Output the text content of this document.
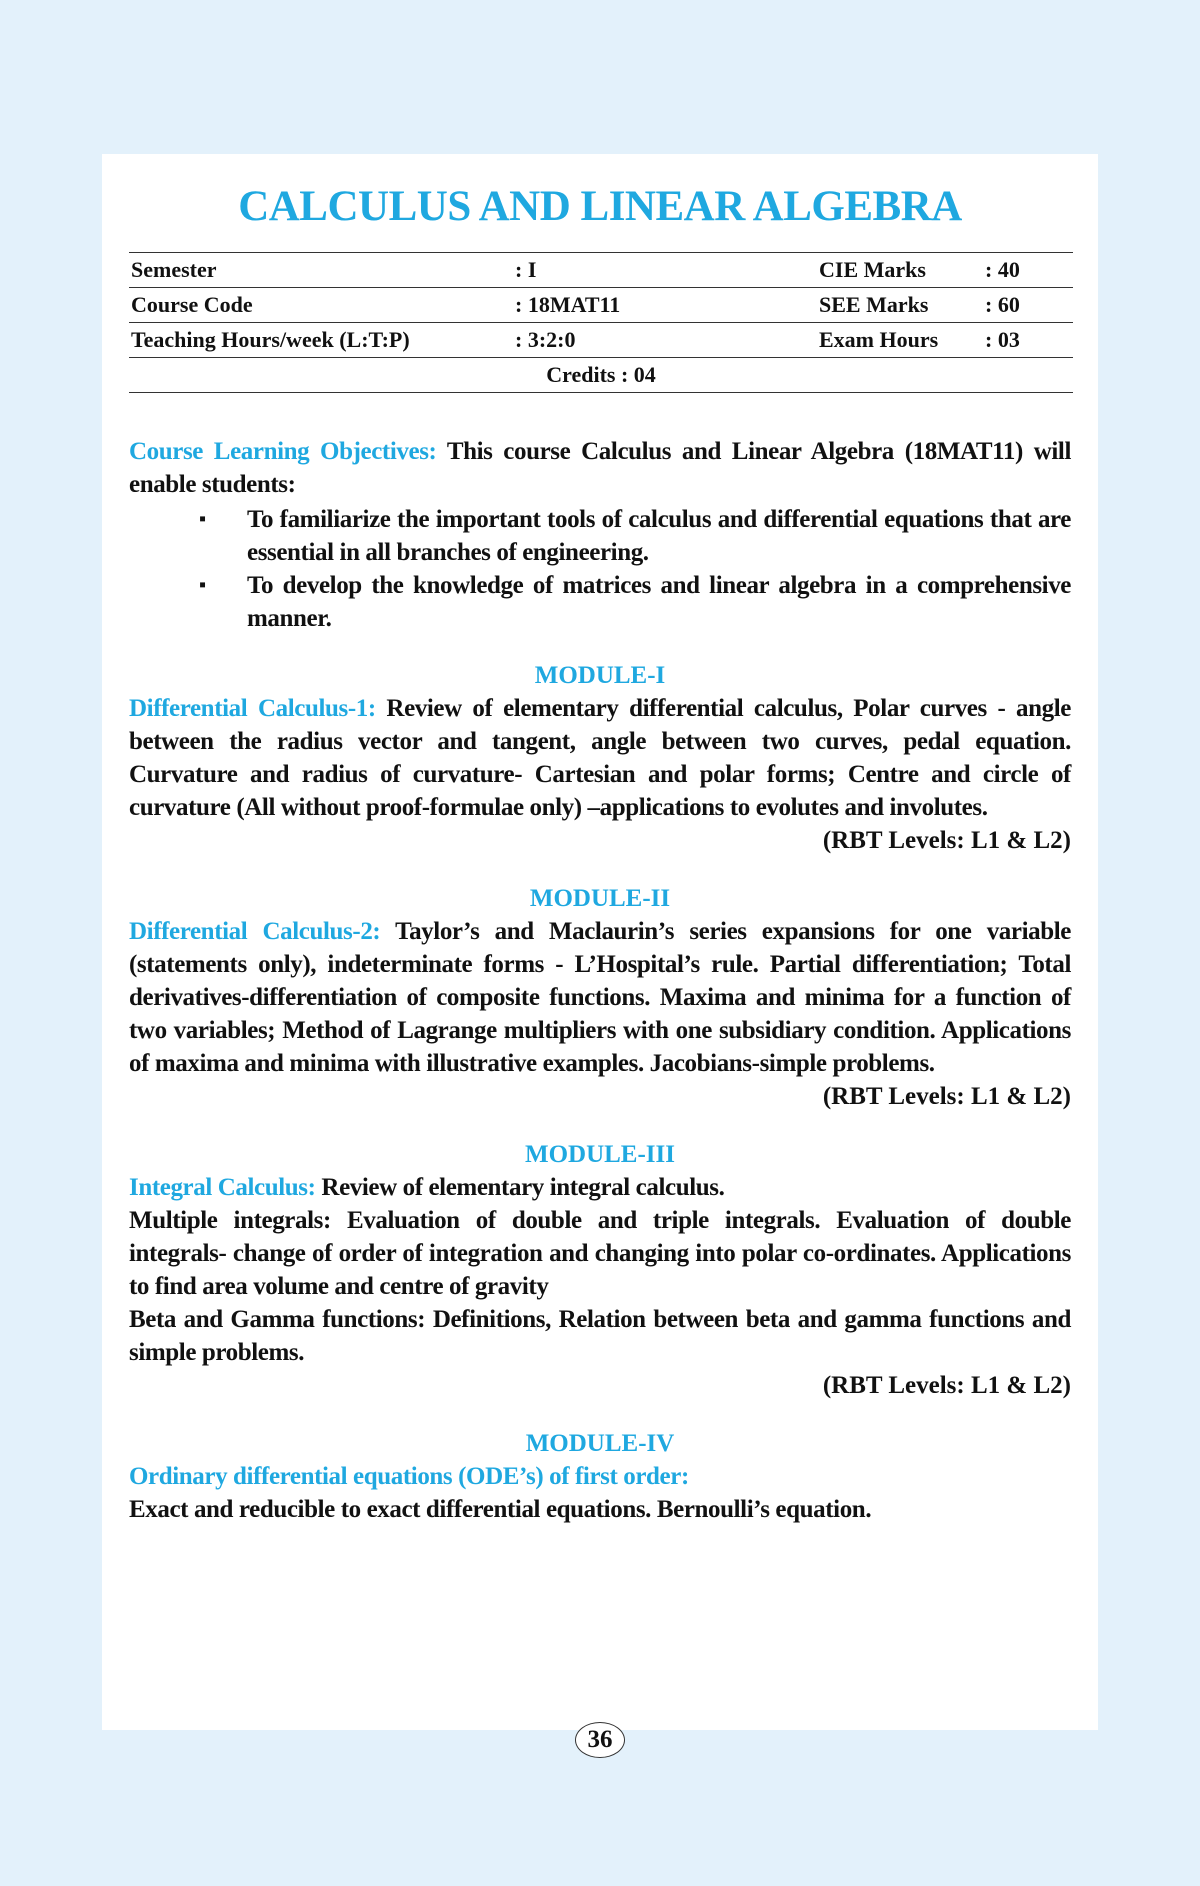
CALCULUS AND LINEAR ALGEBRA
Semester	: I	CIE Marks	: 40
Course Code	: 18MAT11	SEE Marks	: 60
Teaching Hours/week (L:T:P)	: 3:2:0	Exam Hours	: 03
Credits : 04			

Course Learning Objectives: This course Calculus and Linear Algebra (18MAT11) will enable students:

▪ To familiarize the important tools of calculus and differential equations that are essential in all branches of engineering.
▪ To develop the knowledge of matrices and linear algebra in a comprehensive manner.

MODULE-I

Differential Calculus-1: Review of elementary differential calculus, Polar curves - angle between the radius vector and tangent, angle between two curves, pedal equation. Curvature and radius of curvature- Cartesian and polar forms; Centre and circle of curvature (All without proof-formulae only) –applications to evolutes and involutes.

(RBT Levels: L1 & L2)

MODULE-II

Differential Calculus-2: Taylor’s and Maclaurin’s series expansions for one variable (statements only), indeterminate forms - L’Hospital’s rule. Partial differentiation; Total derivatives-differentiation of composite functions. Maxima and minima for a function of two variables; Method of Lagrange multipliers with one subsidiary condition. Applications of maxima and minima with illustrative examples. Jacobians-simple problems.

(RBT Levels: L1 & L2)

MODULE-III

Integral Calculus: Review of elementary integral calculus.

Multiple integrals: Evaluation of double and triple integrals. Evaluation of double integrals- change of order of integration and changing into polar co-ordinates. Applications to find area volume and centre of gravity

Beta and Gamma functions: Definitions, Relation between beta and gamma functions and simple problems.

(RBT Levels: L1 & L2)

MODULE-IV

Ordinary differential equations (ODE’s) of first order:

Exact and reducible to exact differential equations. Bernoulli’s equation.

36
